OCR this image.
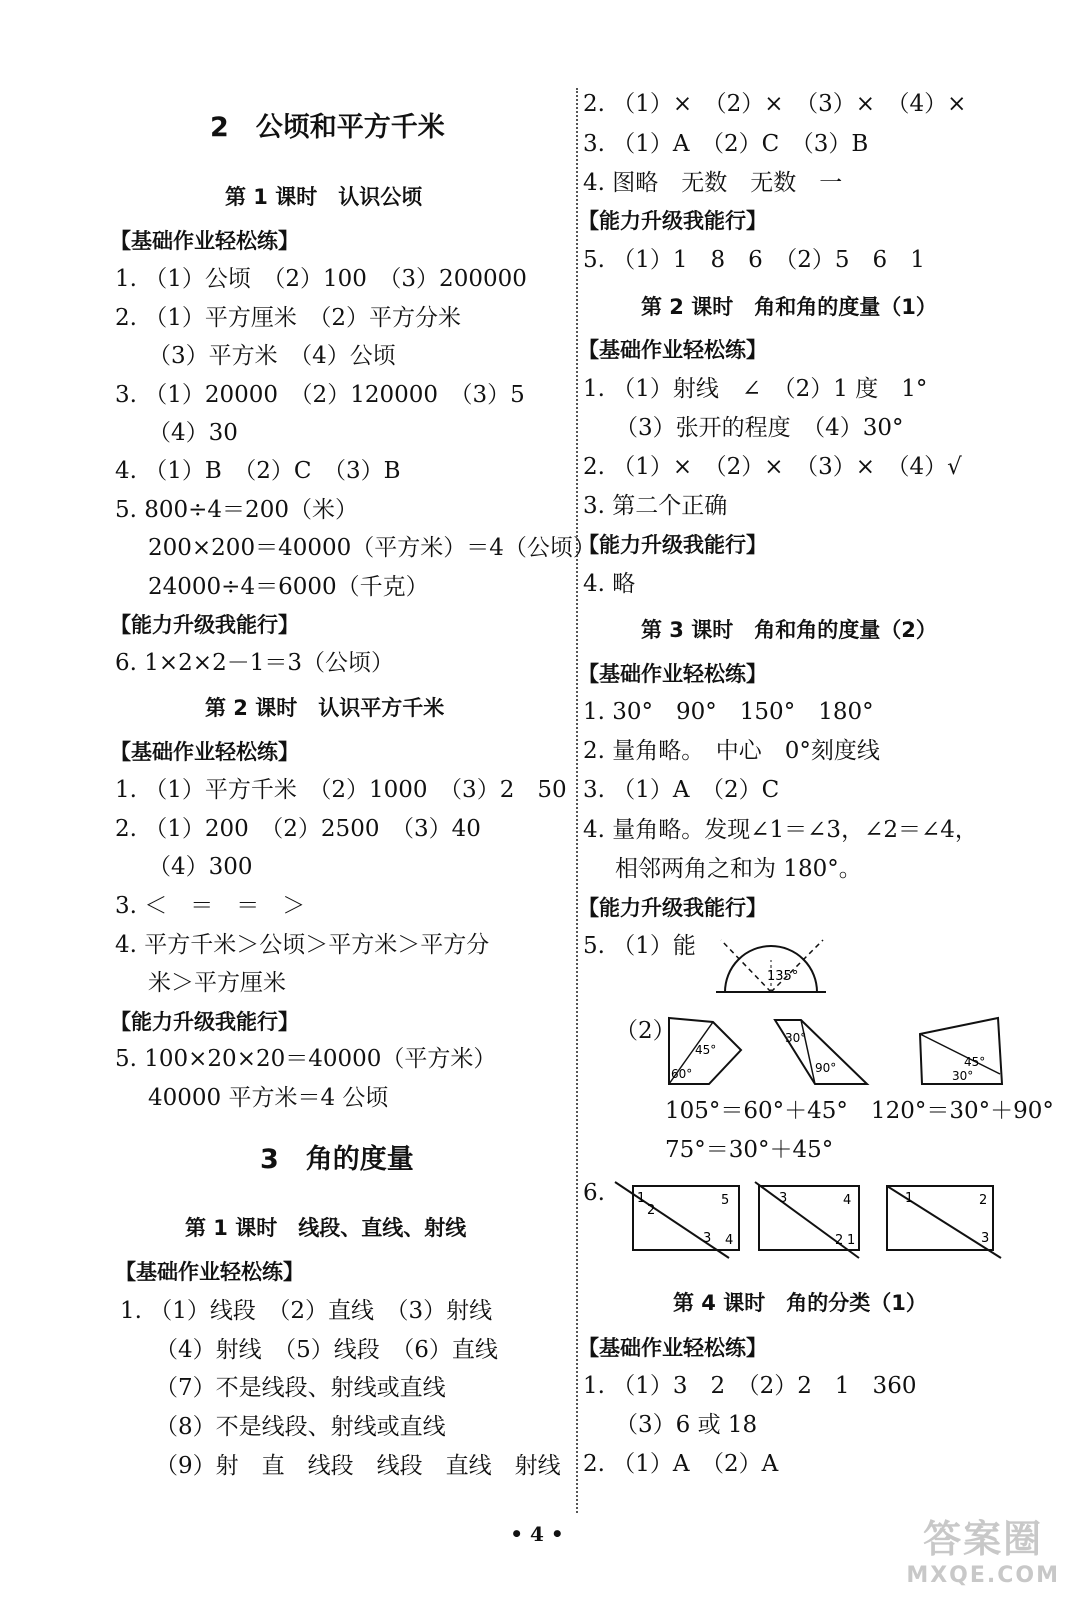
2　公顷和平方千米
第 1 课时　认识公顷
【基础作业轻松练】
1. （1）公顷　（2）100　（3）200000
2. （1）平方厘米　（2）平方分米
（3）平方米　（4）公顷
3. （1）20000　（2）120000　（3）5
（4）30
4. （1）B　（2）C　（3）B
5. 800÷4＝200（米）
200×200＝40000（平方米）＝4（公顷）
24000÷4＝6000（千克）
【能力升级我能行】
6. 1×2×2－1＝3（公顷）
第 2 课时　认识平方千米
【基础作业轻松练】
1. （1）平方千米　（2）1000　（3）2　50
2. （1）200　（2）2500　（3）40
（4）300
3. ＜　＝　＝　＞
4. 平方千米＞公顷＞平方米＞平方分
米＞平方厘米
【能力升级我能行】
5. 100×20×20＝40000（平方米）
40000 平方米＝4 公顷
3　角的度量
第 1 课时　线段、直线、射线
【基础作业轻松练】
1. （1）线段　（2）直线　（3）射线
（4）射线　（5）线段　（6）直线
（7）不是线段、射线或直线
（8）不是线段、射线或直线
（9）射　直　线段　线段　直线　射线
2. （1）×　（2）×　（3）×　（4）×
3. （1）A　（2）C　（3）B
4. 图略　无数　无数　一
【能力升级我能行】
5. （1）1　8　6　（2）5　6　1
第 2 课时　角和角的度量（1）
【基础作业轻松练】
1. （1）射线　∠　（2）1 度　1°
（3）张开的程度　（4）30°
2. （1）×　（2）×　（3）×　（4）√
3. 第二个正确
【能力升级我能行】
4. 略
第 3 课时　角和角的度量（2）
【基础作业轻松练】
1. 30°　90°　150°　180°
2. 量角略。　中心　0°刻度线
3. （1）A　（2）C
4. 量角略。发现∠1＝∠3，∠2＝∠4，
相邻两角之和为 180°。
【能力升级我能行】
5. （1）能
135°
（2）
45°
60°
30°
90°	45°
30°
105°＝60°＋45°　120°＝30°＋90°
75°＝30°＋45°
6. 1
2
5
3 4
3	4
2 1
1	2
3
第 4 课时　角的分类（1）
【基础作业轻松练】
1. （1）3　2　（2）2　1　360
（3）6 或 18
2. （1）A　（2）A
• 4 •	答案圈
MXQE.COM
